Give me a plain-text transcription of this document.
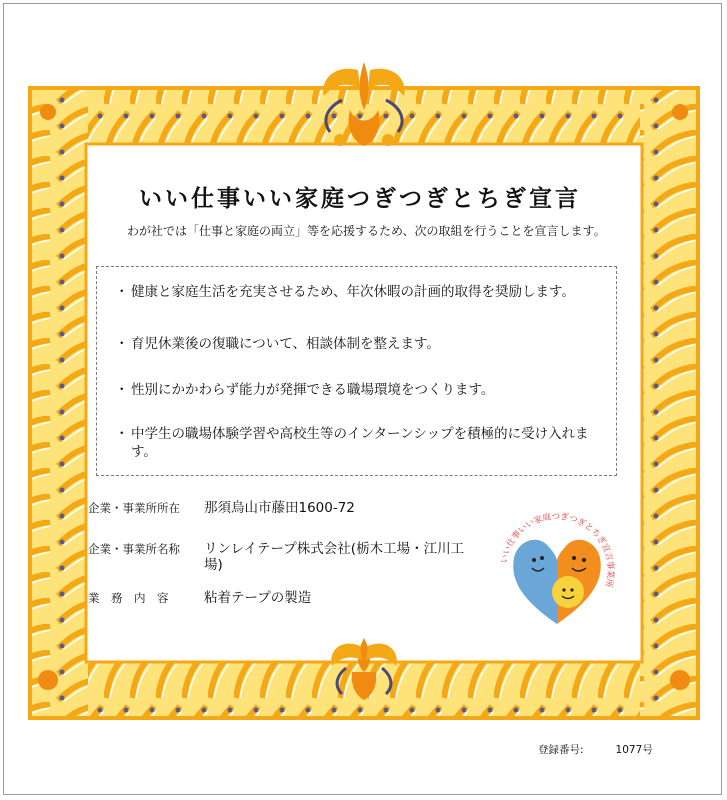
いい仕事いい家庭つぎつぎとちぎ宣言
わが社では「仕事と家庭の両立」等を応援するため、次の取組を行うことを宣言します。
・ 健康と家庭生活を充実させるため、年次休暇の計画的取得を奨励します。
・ 育児休業後の復職について、相談体制を整えます。
・ 性別にかかわらず能力が発揮できる職場環境をつくります。
・ 中学生の職場体験学習や高校生等のインターンシップを積極的に受け入れます。
企業・事業所所在 那須烏山市藤田1600-72
企業・事業所名称 リンレイテープ株式会社(栃木工場・江川工場)
業　務　内　容	粘着テープの製造
いい仕事いい家庭つぎつぎとちぎ宣言事業所
登録番号:	1077号
